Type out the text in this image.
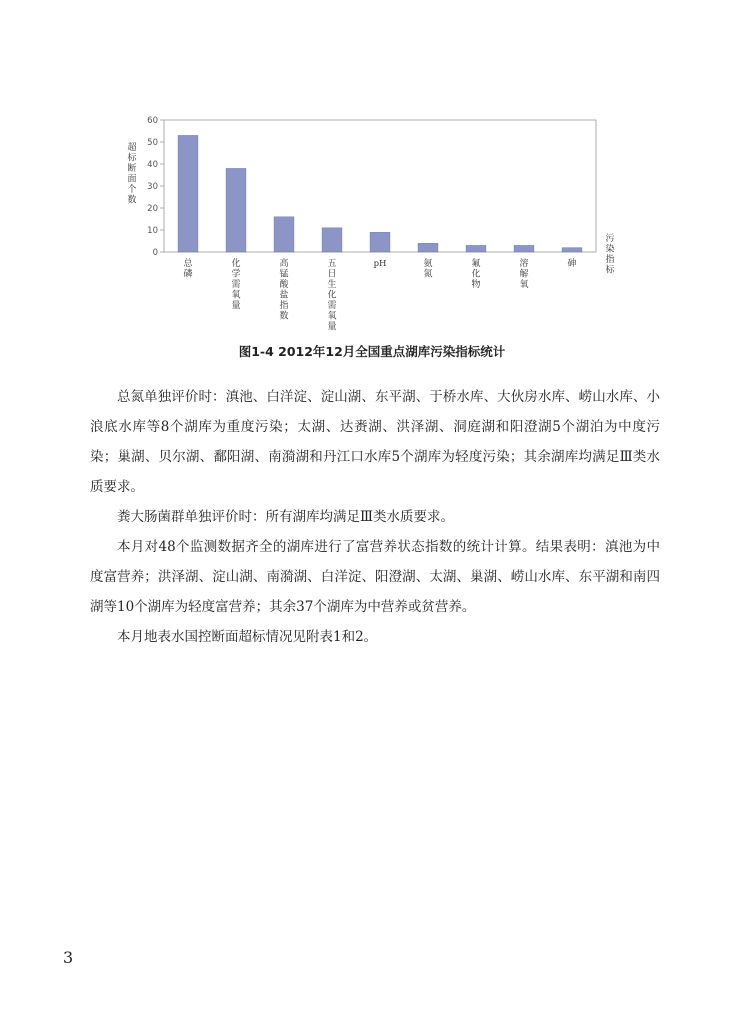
超
标
断
面
个
数
污
染
指
标
0
10
20
30
40
50
60
总
磷
化
学
需
氧
量
高
锰
酸
盐
指
数
五
日
生
化
需
氧
量
pH	氨
氮
氟
化
物
溶
解
氧
砷
图1-4 2012年12月全国重点湖库污染指标统计

总氮单独评价时：滇池、白洋淀、淀山湖、东平湖、于桥水库、大伙房水库、崂山水库、小浪底水库等8个湖库为重度污染；太湖、达赉湖、洪泽湖、洞庭湖和阳澄湖5个湖泊为中度污染；巢湖、贝尔湖、鄱阳湖、南漪湖和丹江口水库5个湖库为轻度污染；其余湖库均满足Ⅲ类水质要求。

粪大肠菌群单独评价时：所有湖库均满足Ⅲ类水质要求。

本月对48个监测数据齐全的湖库进行了富营养状态指数的统计计算。结果表明：滇池为中度富营养；洪泽湖、淀山湖、南漪湖、白洋淀、阳澄湖、太湖、巢湖、崂山水库、东平湖和南四湖等10个湖库为轻度富营养；其余37个湖库为中营养或贫营养。

本月地表水国控断面超标情况见附表1和2。

3
